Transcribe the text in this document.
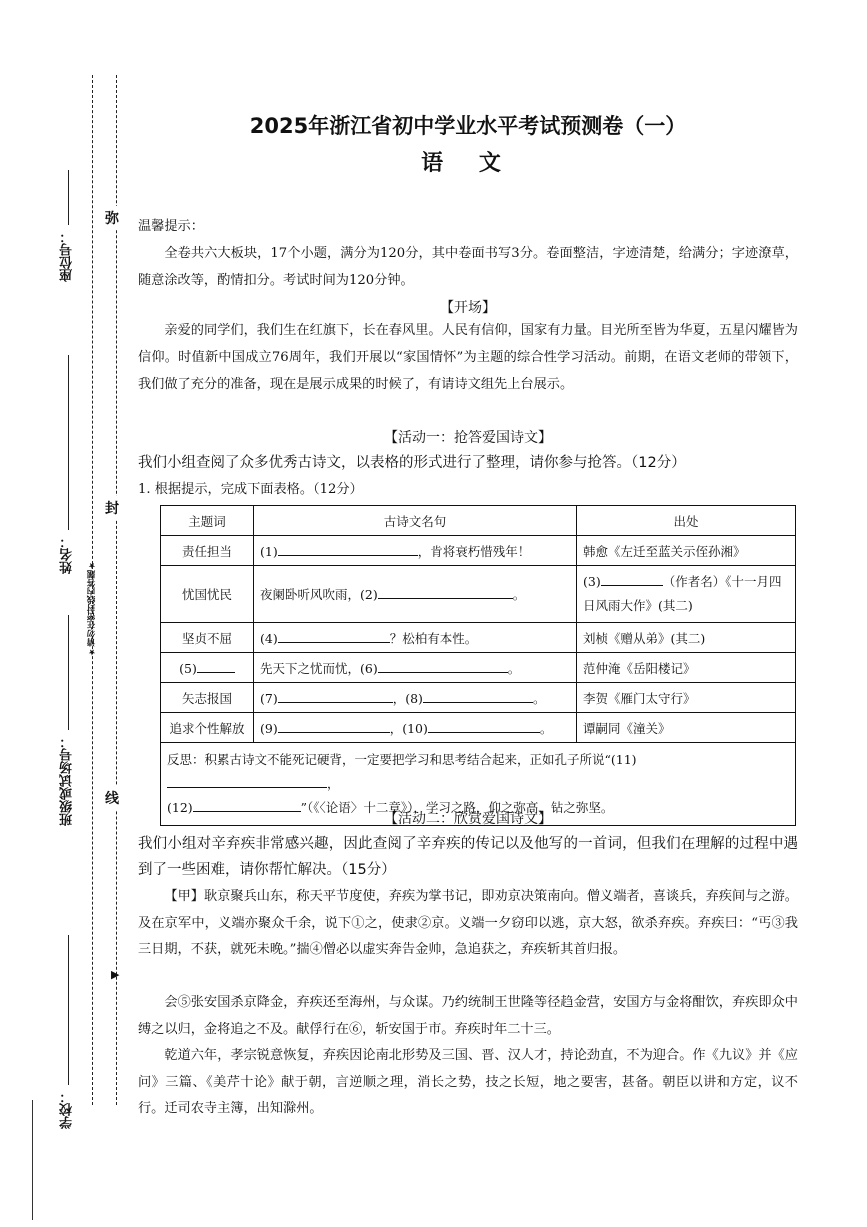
座位号：
姓名：
班级或试场号：
学校：
弥
封
线
★请勿在密封线内答题★
▶
2025年浙江省初中学业水平考试预测卷（一）
语 文

温馨提示：

全卷共六大板块，17个小题，满分为120分，其中卷面书写3分。卷面整洁，字迹清楚，给满分；字迹潦草，随意涂改等，酌情扣分。考试时间为120分钟。

【开场】

亲爱的同学们，我们生在红旗下，长在春风里。人民有信仰，国家有力量。目光所至皆为华夏，五星闪耀皆为信仰。时值新中国成立76周年，我们开展以“家国情怀”为主题的综合性学习活动。前期，在语文老师的带领下，我们做了充分的准备，现在是展示成果的时候了，有请诗文组先上台展示。

【活动一：抢答爱国诗文】

我们小组查阅了众多优秀古诗文，以表格的形式进行了整理，请你参与抢答。（12分）

1. 根据提示，完成下面表格。（12分）

主题词	古诗文名句	出处
责任担当	(1) ，肯将衰朽惜残年！	韩愈《左迁至蓝关示侄孙湘》
忧国忧民	夜阑卧听风吹雨，(2) 。	(3) （作者名）《十一月四日风雨大作》(其二)
坚贞不屈	(4) ？松柏有本性。	刘桢《赠从弟》(其二)
(5)	先天下之忧而忧，(6) 。	范仲淹《岳阳楼记》
矢志报国	(7) ，(8) 。	李贺《雁门太守行》
追求个性解放	(9) ，(10) 。	谭嗣同《潼关》
反思：积累古诗文不能死记硬背，一定要把学习和思考结合起来，正如孔子所说“(11)，
(12) ”（《〈论语〉十二章》），学习之路，仰之弥高，钻之弥坚。		
【活动二：欣赏爱国诗文】

我们小组对辛弃疾非常感兴趣，因此查阅了辛弃疾的传记以及他写的一首词，但我们在理解的过程中遇到了一些困难，请你帮忙解决。（15分）

【甲】耿京聚兵山东，称天平节度使，弃疾为掌书记，即劝京决策南向。僧义端者，喜谈兵，弃疾间与之游。及在京军中，义端亦聚众千余，说下①之，使隶②京。义端一夕窃印以逃，京大怒，欲杀弃疾。弃疾曰：“丐③我三日期，不获，就死未晚。”揣④僧必以虚实奔告金帅，急追获之，弃疾斩其首归报。

会⑤张安国杀京降金，弃疾还至海州，与众谋。乃约统制王世隆等径趋金营，安国方与金将酣饮，弃疾即众中缚之以归，金将追之不及。献俘行在⑥，斩安国于市。弃疾时年二十三。

乾道六年，孝宗锐意恢复，弃疾因论南北形势及三国、晋、汉人才，持论劲直，不为迎合。作《九议》并《应问》三篇、《美芹十论》献于朝，言逆顺之理，消长之势，技之长短，地之要害，甚备。朝臣以讲和方定，议不行。迁司农寺主簿，出知滁州。
